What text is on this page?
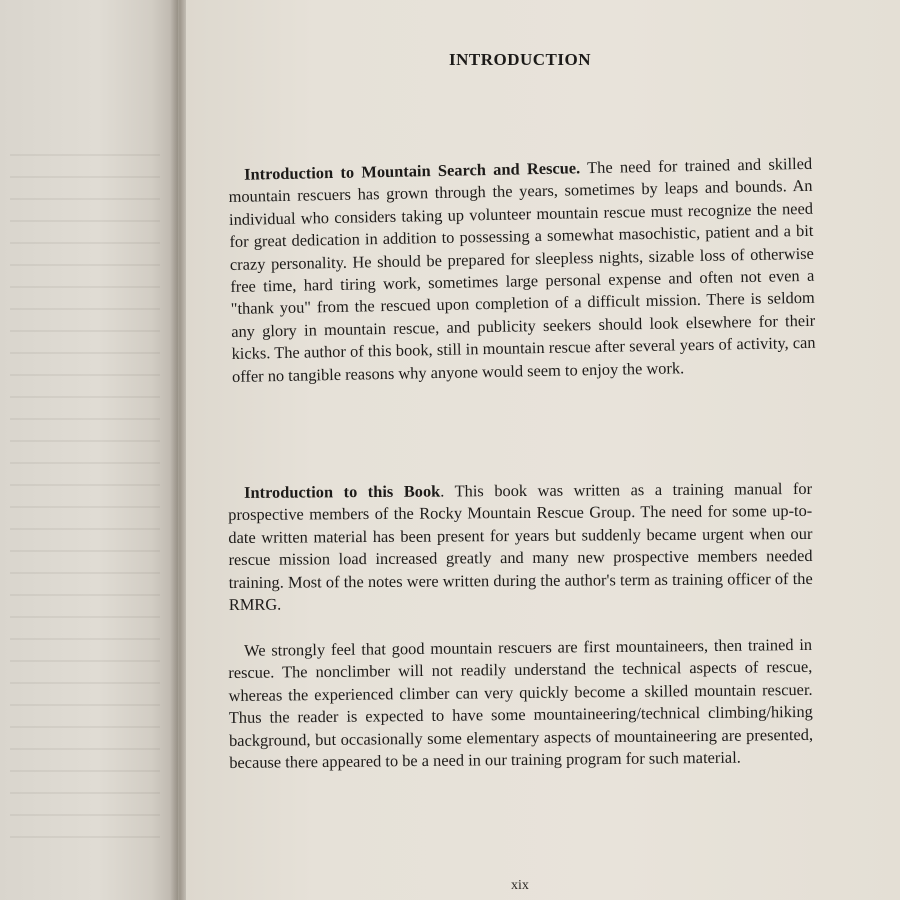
INTRODUCTION

Introduction to Mountain Search and Rescue. The need for trained and skilled mountain rescuers has grown through the years, sometimes by leaps and bounds. An individual who considers taking up volunteer mountain rescue must recognize the need for great dedication in addition to possessing a somewhat masochistic, patient and a bit crazy personality. He should be prepared for sleepless nights, sizable loss of otherwise free time, hard tiring work, sometimes large personal expense and often not even a "thank you" from the rescued upon completion of a difficult mission. There is seldom any glory in mountain rescue, and publicity seekers should look elsewhere for their kicks. The author of this book, still in mountain rescue after several years of activity, can offer no tangible reasons why anyone would seem to enjoy the work.

Introduction to this Book. This book was written as a training manual for prospective members of the Rocky Mountain Rescue Group. The need for some up-to-date written material has been present for years but suddenly became urgent when our rescue mission load increased greatly and many new prospective members needed training. Most of the notes were written during the author's term as training officer of the RMRG.

We strongly feel that good mountain rescuers are first mountaineers, then trained in rescue. The nonclimber will not readily understand the technical aspects of rescue, whereas the experienced climber can very quickly become a skilled mountain rescuer. Thus the reader is expected to have some mountaineering/technical climbing/hiking background, but occasionally some elementary aspects of mountaineering are presented, because there appeared to be a need in our training program for such material.

xix
